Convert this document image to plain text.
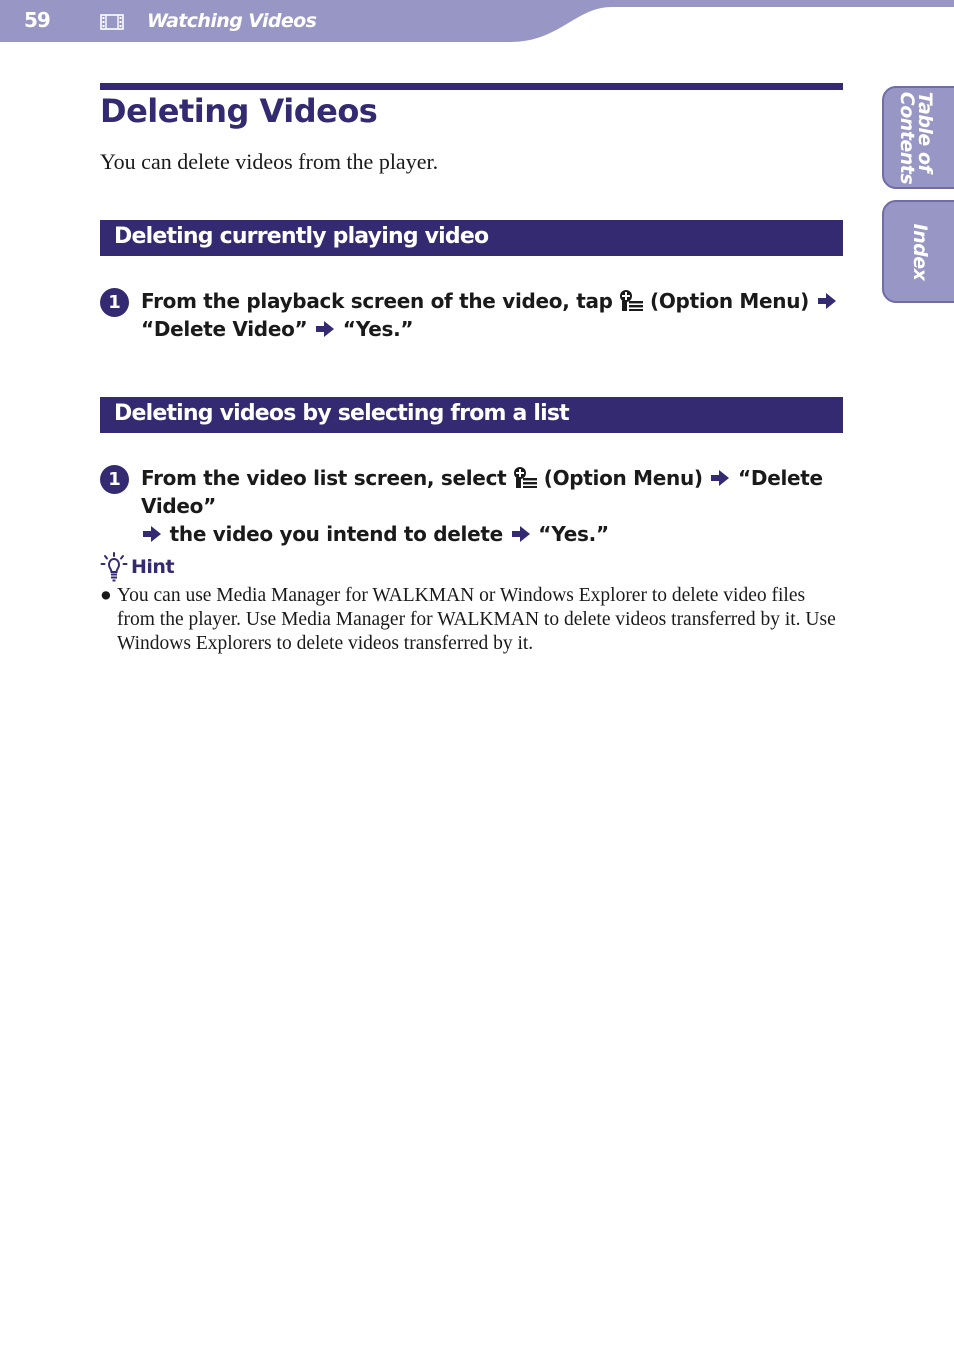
59	Watching Videos
Table of
Contents
Index
Deleting Videos
You can delete videos from the player.
Deleting currently playing video
1	From the playback screen of the video, tap  (Option Menu)
“Delete Video”  “Yes.”
Deleting videos by selecting from a list
1	From the video list screen, select  (Option Menu)  “Delete Video”
the video you intend to delete  “Yes.”
Hint
● You can use Media Manager for WALKMAN or Windows Explorer to delete video files from the player. Use Media Manager for WALKMAN to delete videos transferred by it. Use Windows Explorers to delete videos transferred by it.
